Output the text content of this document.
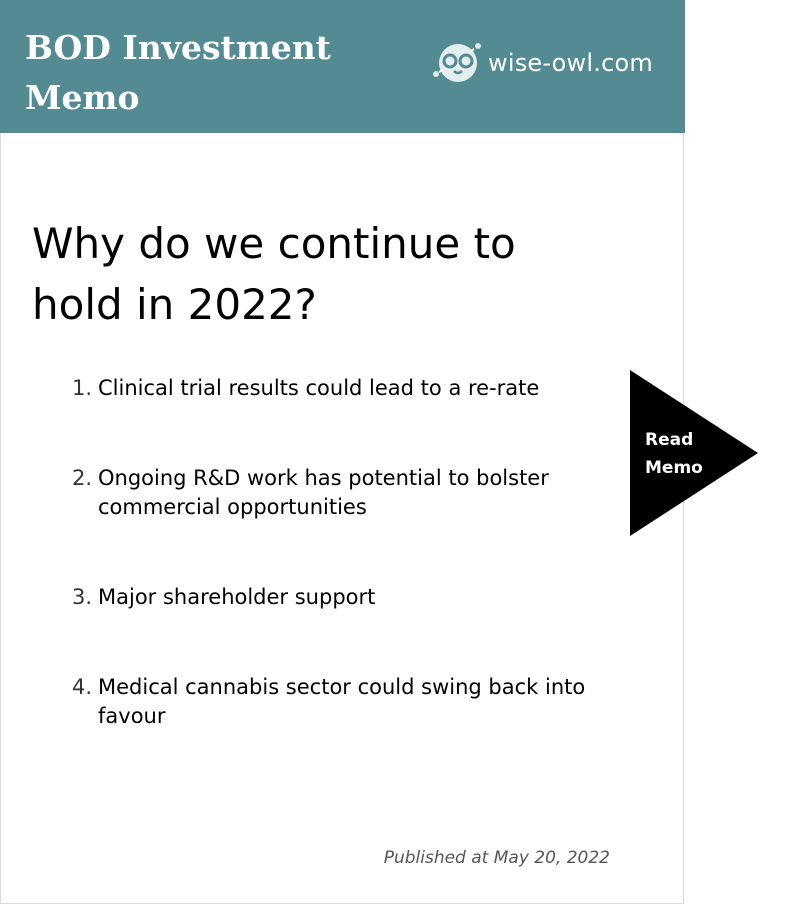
BOD Investment
Memo
wise-owl.com
Why do we continue to hold in 2022?
1. Clinical trial results could lead to a re-rate
2. Ongoing R&D work has potential to bolster commercial opportunities
3. Major shareholder support
4. Medical cannabis sector could swing back into favour
Read
Memo
Published at May 20, 2022
